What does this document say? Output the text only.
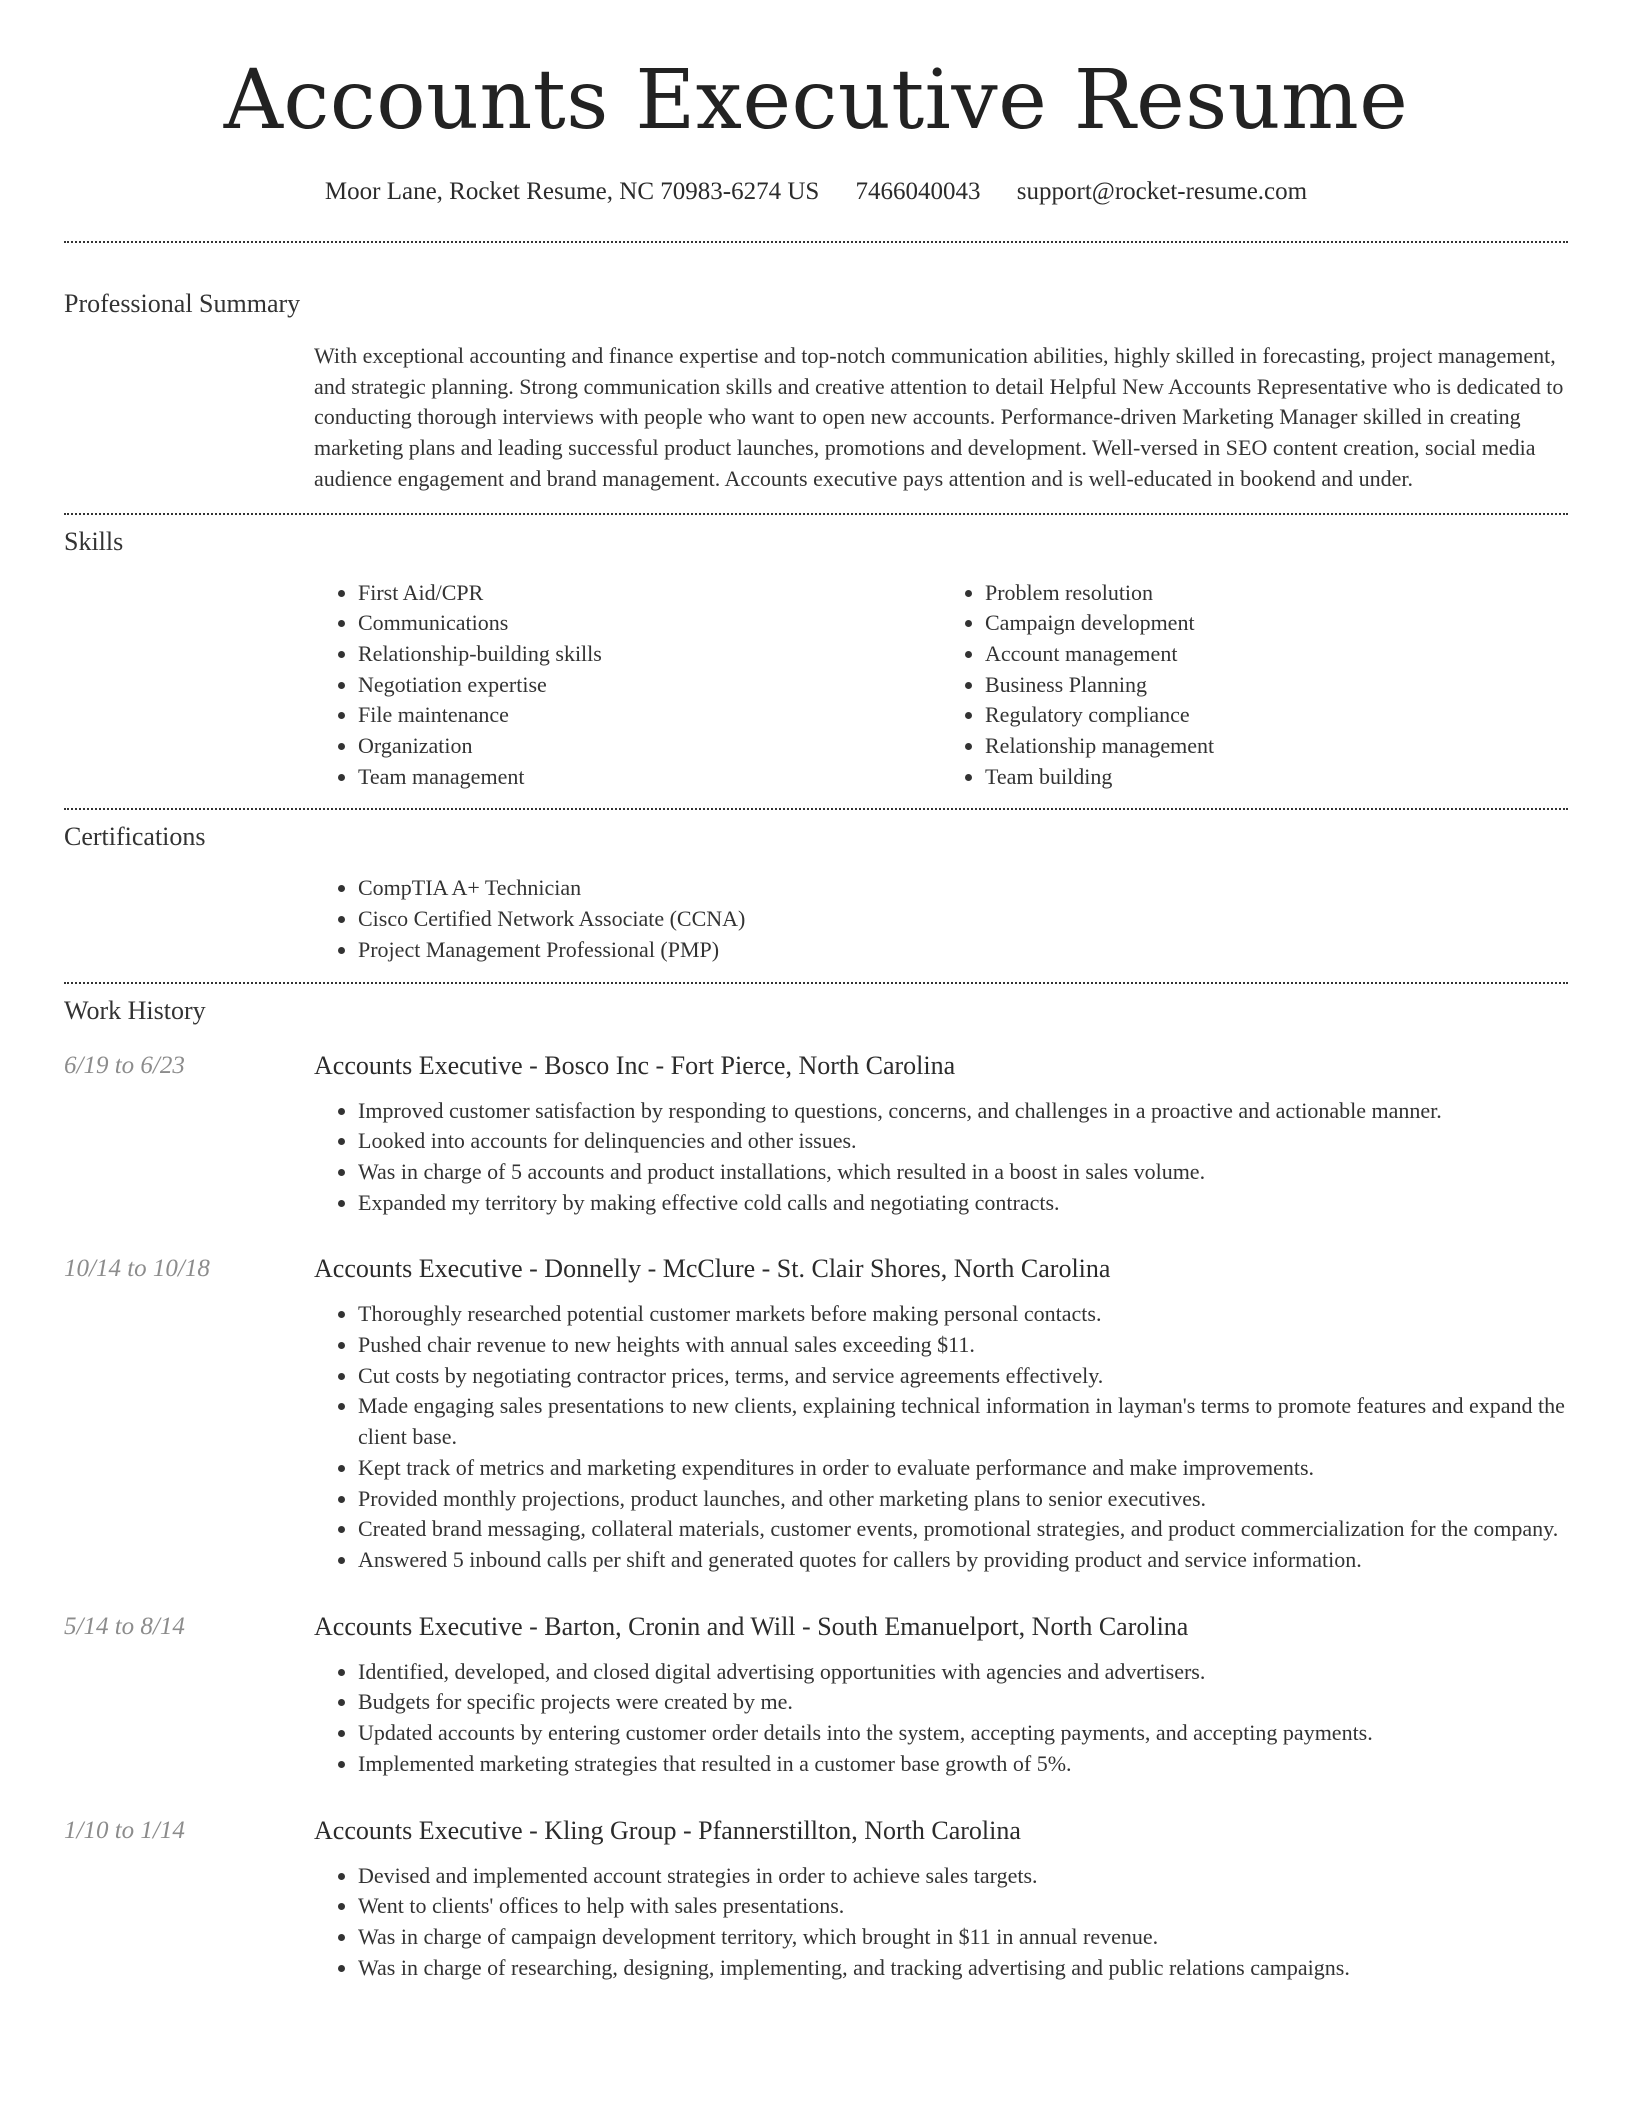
Accounts Executive Resume
Moor Lane, Rocket Resume, NC 70983-6274 US 7466040043 support@rocket-resume.com
Professional Summary
With exceptional accounting and finance expertise and top-notch communication abilities, highly skilled in forecasting, project management, and strategic planning. Strong communication skills and creative attention to detail Helpful New Accounts Representative who is dedicated to conducting thorough interviews with people who want to open new accounts. Performance-driven Marketing Manager skilled in creating marketing plans and leading successful product launches, promotions and development. Well-versed in SEO content creation, social media audience engagement and brand management. Accounts executive pays attention and is well-educated in bookend and under.
Skills
• First Aid/CPR
• Communications
• Relationship-building skills
• Negotiation expertise
• File maintenance
• Organization
• Team management
• Problem resolution
• Campaign development
• Account management
• Business Planning
• Regulatory compliance
• Relationship management
• Team building
Certifications
• CompTIA A+ Technician
• Cisco Certified Network Associate (CCNA)
• Project Management Professional (PMP)
Work History
6/19 to 6/23	Accounts Executive - Bosco Inc - Fort Pierce, North Carolina
• Improved customer satisfaction by responding to questions, concerns, and challenges in a proactive and actionable manner.
• Looked into accounts for delinquencies and other issues.
• Was in charge of 5 accounts and product installations, which resulted in a boost in sales volume.
• Expanded my territory by making effective cold calls and negotiating contracts.
10/14 to 10/18	Accounts Executive - Donnelly - McClure - St. Clair Shores, North Carolina
• Thoroughly researched potential customer markets before making personal contacts.
• Pushed chair revenue to new heights with annual sales exceeding $11.
• Cut costs by negotiating contractor prices, terms, and service agreements effectively.
• Made engaging sales presentations to new clients, explaining technical information in layman's terms to promote features and expand the client base.
• Kept track of metrics and marketing expenditures in order to evaluate performance and make improvements.
• Provided monthly projections, product launches, and other marketing plans to senior executives.
• Created brand messaging, collateral materials, customer events, promotional strategies, and product commercialization for the company.
• Answered 5 inbound calls per shift and generated quotes for callers by providing product and service information.
5/14 to 8/14	Accounts Executive - Barton, Cronin and Will - South Emanuelport, North Carolina
• Identified, developed, and closed digital advertising opportunities with agencies and advertisers.
• Budgets for specific projects were created by me.
• Updated accounts by entering customer order details into the system, accepting payments, and accepting payments.
• Implemented marketing strategies that resulted in a customer base growth of 5%.
1/10 to 1/14	Accounts Executive - Kling Group - Pfannerstillton, North Carolina
• Devised and implemented account strategies in order to achieve sales targets.
• Went to clients' offices to help with sales presentations.
• Was in charge of campaign development territory, which brought in $11 in annual revenue.
• Was in charge of researching, designing, implementing, and tracking advertising and public relations campaigns.
